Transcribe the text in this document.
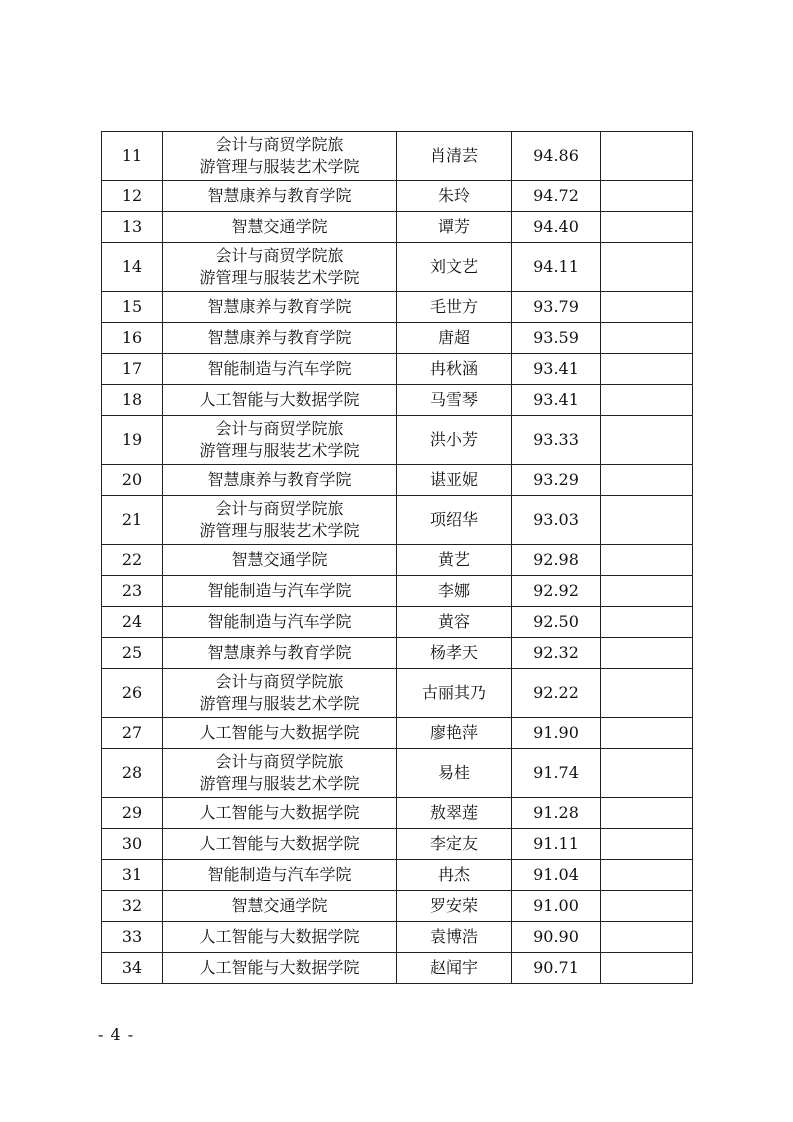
11	会计与商贸学院旅
游管理与服装艺术学院	肖清芸	94.86	
12	智慧康养与教育学院	朱玲	94.72	
13	智慧交通学院	谭芳	94.40	
14	会计与商贸学院旅
游管理与服装艺术学院	刘文艺	94.11	
15	智慧康养与教育学院	毛世方	93.79	
16	智慧康养与教育学院	唐超	93.59	
17	智能制造与汽车学院	冉秋涵	93.41	
18	人工智能与大数据学院	马雪琴	93.41	
19	会计与商贸学院旅
游管理与服装艺术学院	洪小芳	93.33	
20	智慧康养与教育学院	谌亚妮	93.29	
21	会计与商贸学院旅
游管理与服装艺术学院	项绍华	93.03	
22	智慧交通学院	黄艺	92.98	
23	智能制造与汽车学院	李娜	92.92	
24	智能制造与汽车学院	黄容	92.50	
25	智慧康养与教育学院	杨孝天	92.32	
26	会计与商贸学院旅
游管理与服装艺术学院	古丽其乃	92.22	
27	人工智能与大数据学院	廖艳萍	91.90	
28	会计与商贸学院旅
游管理与服装艺术学院	易桂	91.74	
29	人工智能与大数据学院	敖翠莲	91.28	
30	人工智能与大数据学院	李定友	91.11	
31	智能制造与汽车学院	冉杰	91.04	
32	智慧交通学院	罗安荣	91.00	
33	人工智能与大数据学院	袁博浩	90.90	
34	人工智能与大数据学院	赵闻宇	90.71	
- 4 -
